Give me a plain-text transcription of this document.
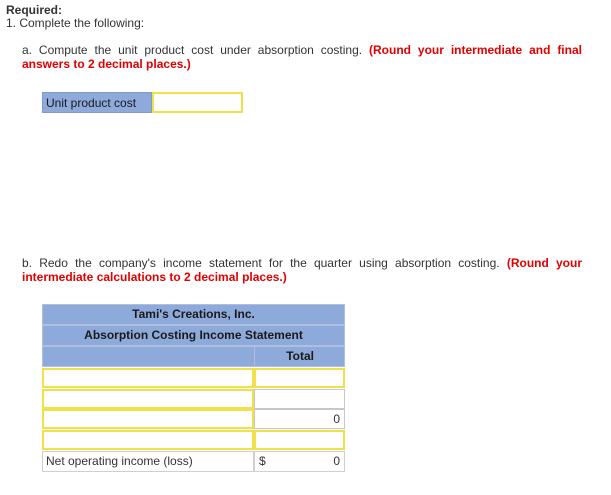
Required:
1. Complete the following:
a. Compute the unit product cost under absorption costing. (Round your intermediate and final answers to 2 decimal places.)
Unit product cost
b. Redo the company's income statement for the quarter using absorption costing. (Round your intermediate calculations to 2 decimal places.)
Tami's Creations, Inc.
Absorption Costing Income Statement
Total
0
Net operating income (loss)	$	0
